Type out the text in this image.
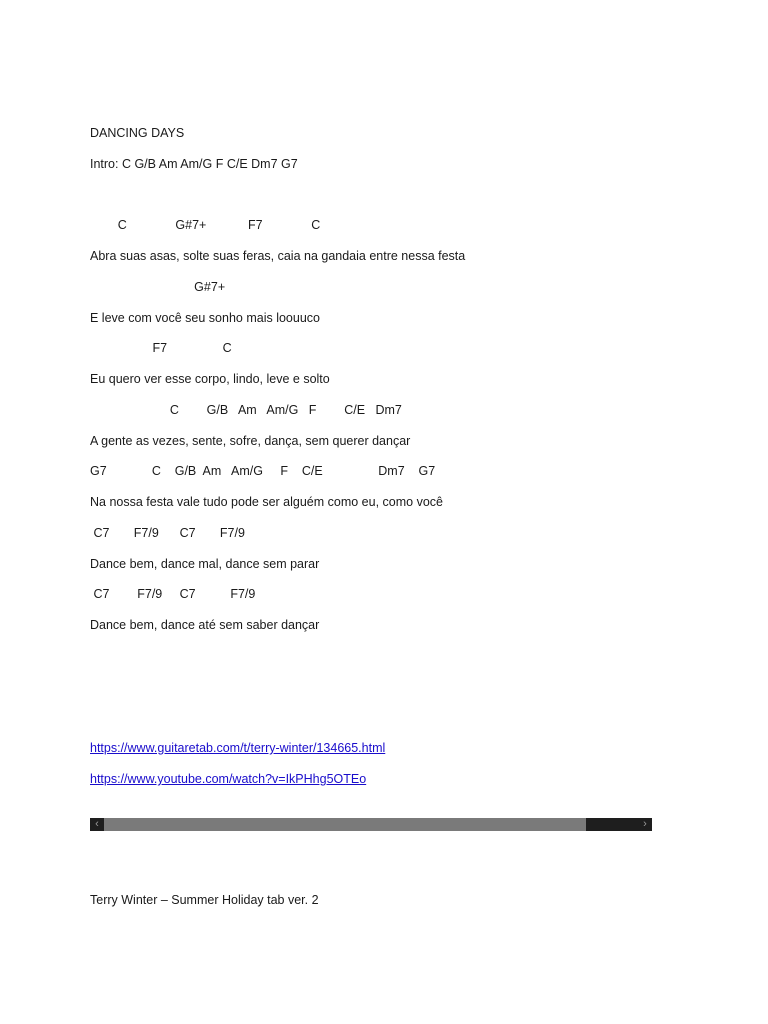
DANCING DAYS
Intro: C G/B Am Am/G F C/E Dm7 G7
C              G#7+            F7              C
Abra suas asas, solte suas feras, caia na gandaia entre nessa festa
G#7+
E leve com você seu sonho mais loouuco
F7                C
Eu quero ver esse corpo, lindo, leve e solto
C        G/B   Am   Am/G   F        C/E   Dm7
A gente as vezes, sente, sofre, dança, sem querer dançar
G7             C    G/B  Am   Am/G     F    C/E                Dm7    G7
Na nossa festa vale tudo pode ser alguém como eu, como você
C7       F7/9      C7       F7/9
Dance bem, dance mal, dance sem parar
C7        F7/9     C7          F7/9
Dance bem, dance até sem saber dançar
https://www.guitaretab.com/t/terry-winter/134665.html
https://www.youtube.com/watch?v=IkPHhg5OTEo
‹	›
Terry Winter – Summer Holiday tab ver. 2
